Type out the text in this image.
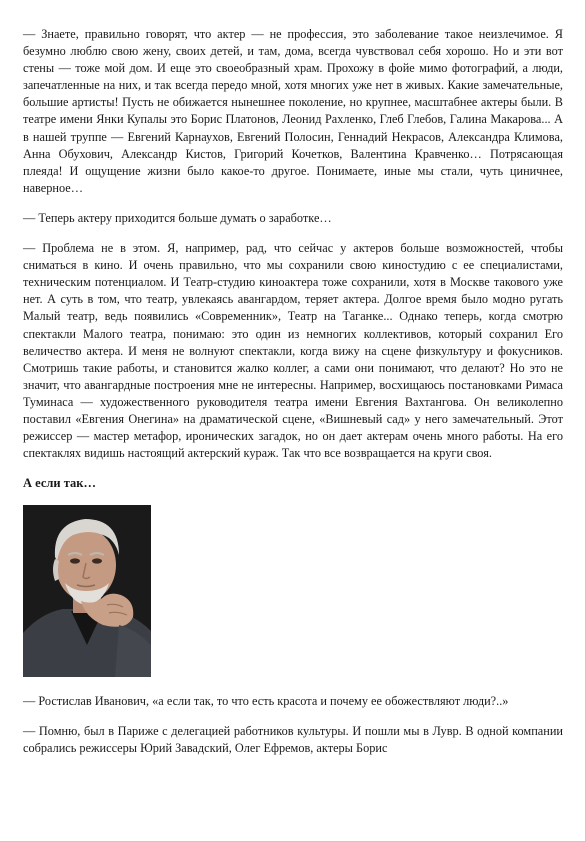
— Знаете, правильно говорят, что актер — не профессия, это заболевание такое неизлечимое. Я безумно люблю свою жену, своих детей, и там, дома, всегда чувствовал себя хорошо. Но и эти вот стены — тоже мой дом. И еще это своеобразный храм. Прохожу в фойе мимо фотографий, а люди, запечатленные на них, и так всегда передо мной, хотя многих уже нет в живых. Какие замечательные, большие артисты! Пусть не обижается нынешнее поколение, но крупнее, масштабнее актеры были. В театре имени Янки Купалы это Борис Платонов, Леонид Рахленко, Глеб Глебов, Галина Макарова... А в нашей труппе — Евгений Карнаухов, Евгений Полосин, Геннадий Некрасов, Александра Климова, Анна Обухович, Александр Кистов, Григорий Кочетков, Валентина Кравченко… Потрясающая плеяда! И ощущение жизни было какое-то другое. Понимаете, иные мы стали, чуть циничнее, наверное…

— Теперь актеру приходится больше думать о заработке…

— Проблема не в этом. Я, например, рад, что сейчас у актеров больше возможностей, чтобы сниматься в кино. И очень правильно, что мы сохранили свою киностудию с ее специалистами, техническим потенциалом. И Театр-студию киноактера тоже сохранили, хотя в Москве такового уже нет. А суть в том, что театр, увлекаясь авангардом, теряет актера. Долгое время было модно ругать Малый театр, ведь появились «Современник», Театр на Таганке... Однако теперь, когда смотрю спектакли Малого театра, понимаю: это один из немногих коллективов, который сохранил Его величество актера. И меня не волнуют спектакли, когда вижу на сцене физкультуру и фокусников. Смотришь такие работы, и становится жалко коллег, а сами они понимают, что делают? Но это не значит, что авангардные построения мне не интересны. Например, восхищаюсь постановками Римаса Туминаса — художественного руководителя театра имени Евгения Вахтангова. Он великолепно поставил «Евгения Онегина» на драматической сцене, «Вишневый сад» у него замечательный. Этот режиссер — мастер метафор, иронических загадок, но он дает актерам очень много работы. На его спектаклях видишь настоящий актерский кураж. Так что все возвращается на круги своя.

А если так…

— Ростислав Иванович, «а если так, то что есть красота и почему ее обожествляют люди?..»

— Помню, был в Париже с делегацией работников культуры. И пошли мы в Лувр. В одной компании собрались режиссеры Юрий Завадский, Олег Ефремов, актеры Борис
